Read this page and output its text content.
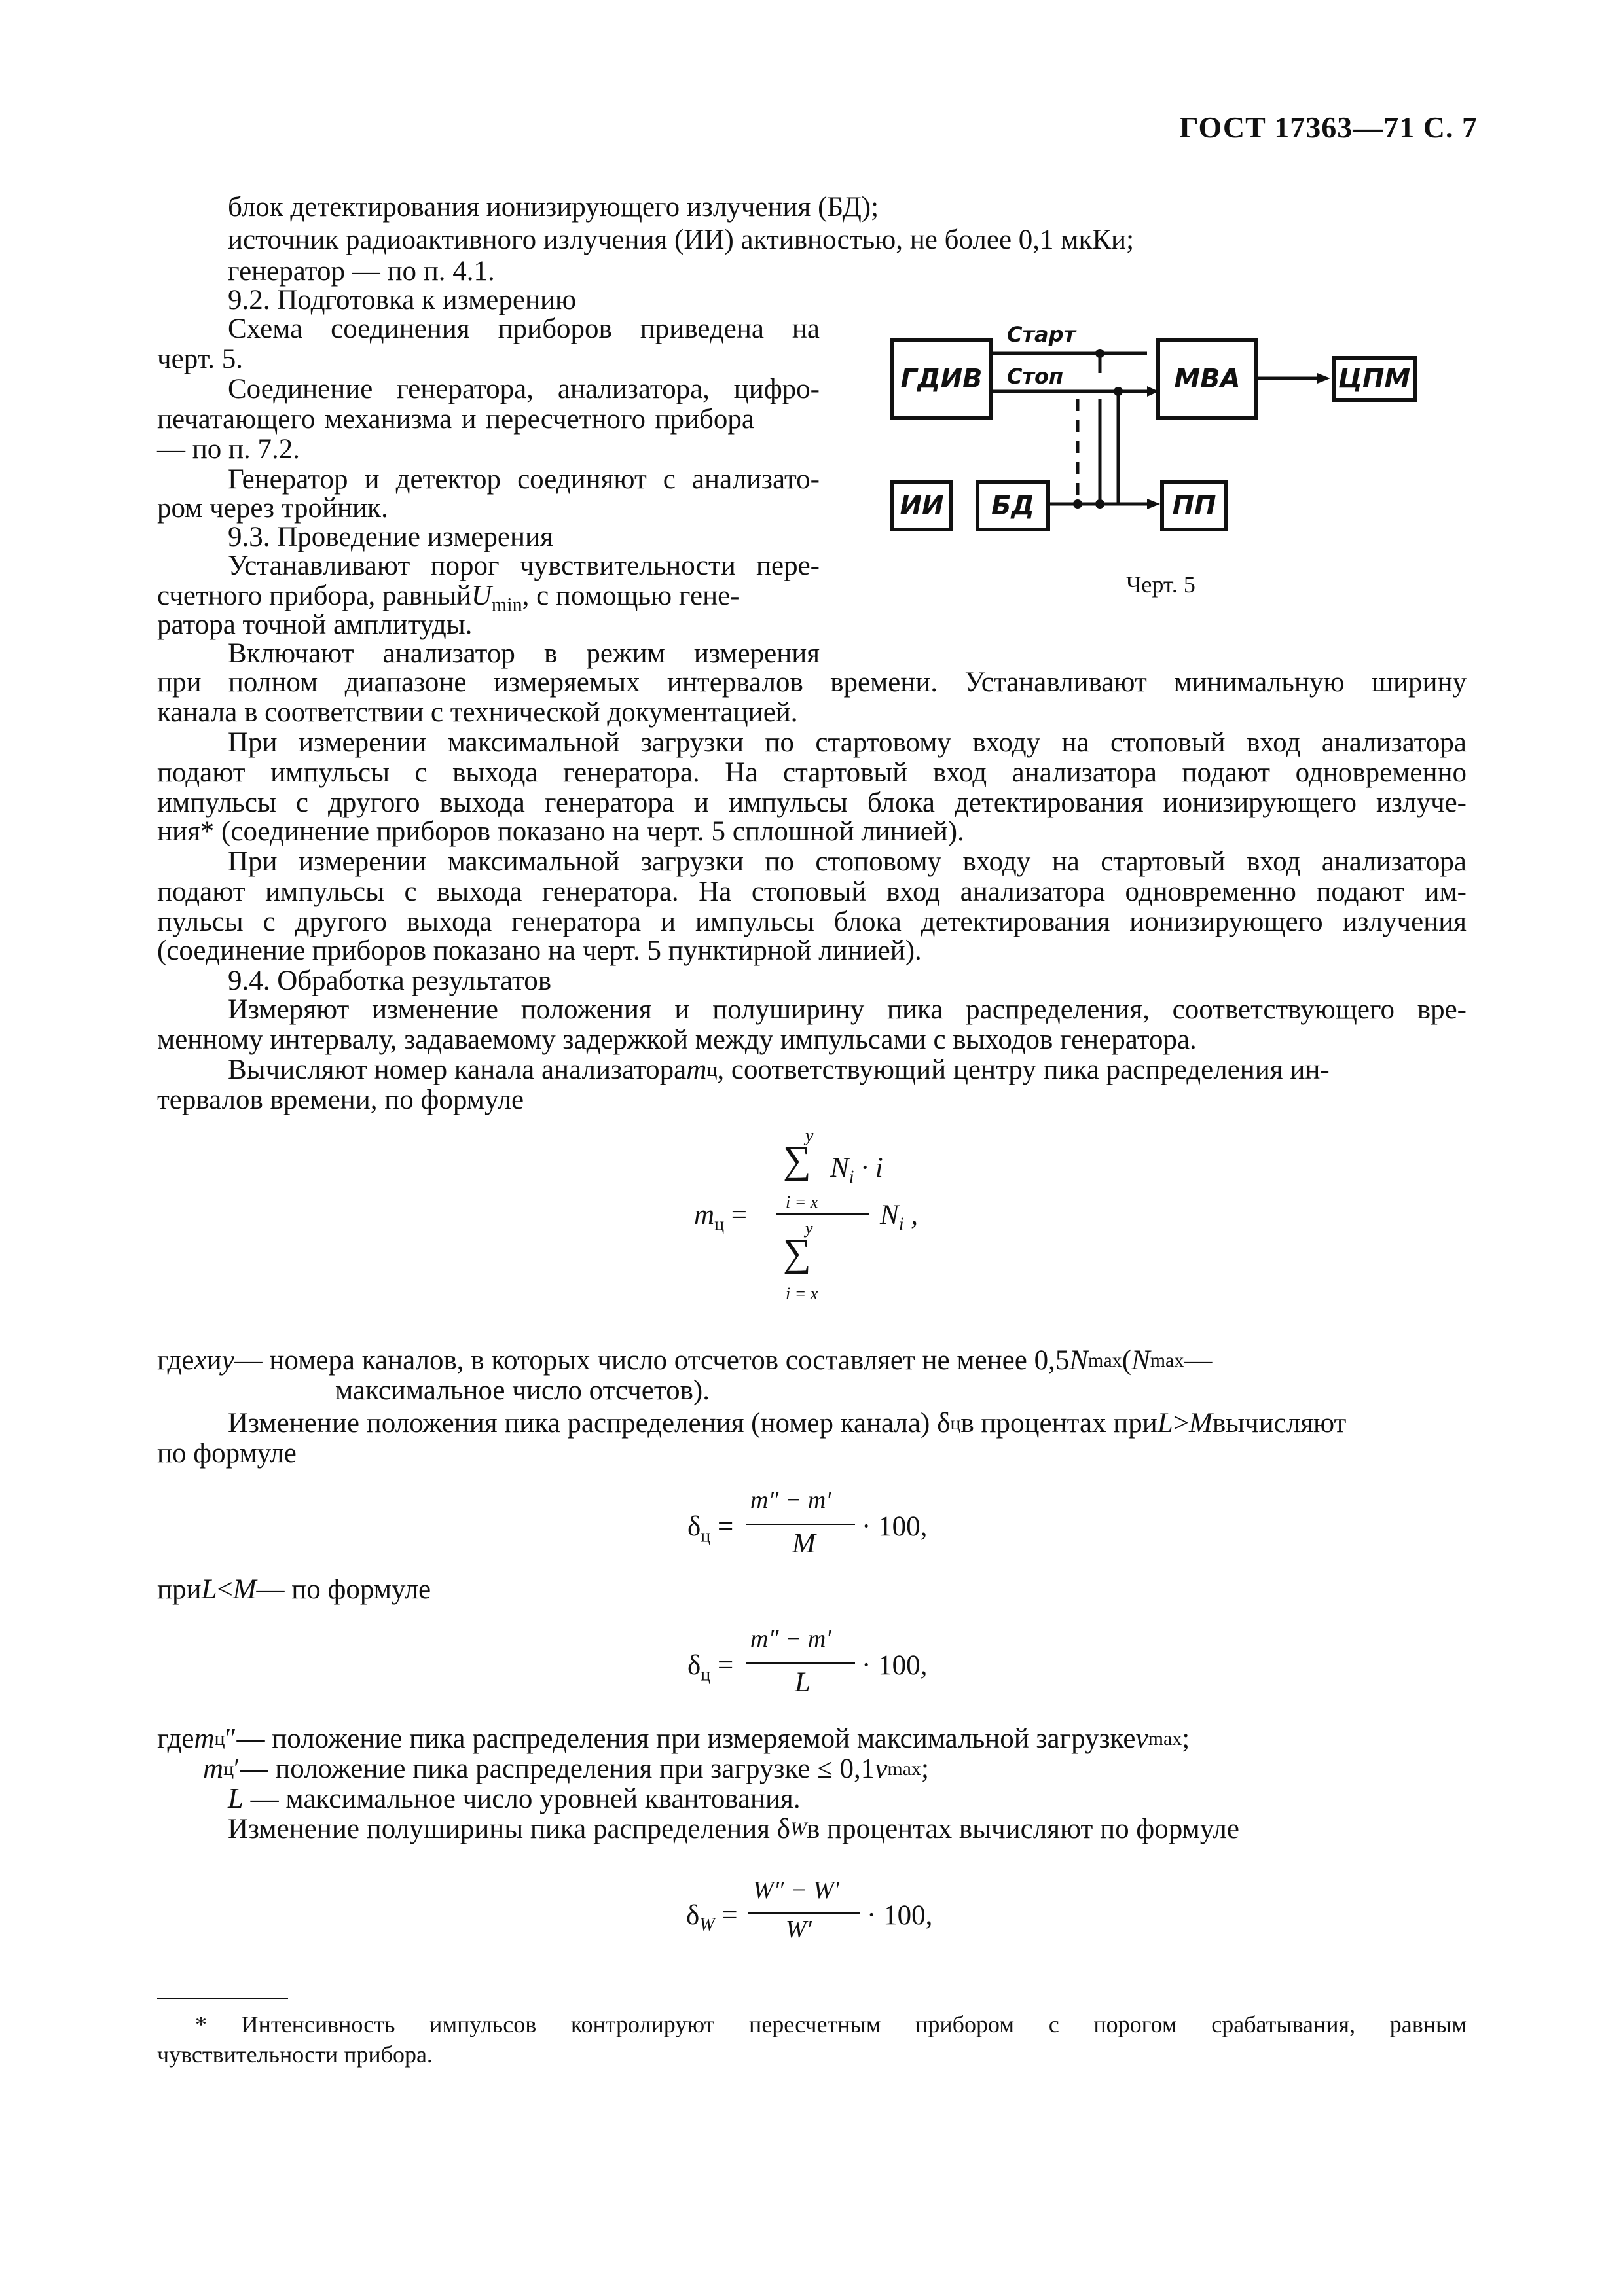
ГОСТ 17363—71 С. 7
блок детектирования ионизирующего излучения (БД);
источник радиоактивного излучения (ИИ) активностью, не более 0,1 мкКи;
генератор — по п. 4.1.
9.2. Подготовка к измерению
Схема соединения приборов приведена на
черт. 5.
Соединение генератора, анализатора, цифро-
печатающего механизма и пересчетного прибора
— по п. 7.2.
Генератор и детектор соединяют с анализато-
ром через тройник.
9.3. Проведение измерения
Устанавливают порог чувствительности пере-
счетного прибора, равный $U_{min}$, с помощью гене-
ратора точной амплитуды.
Включают анализатор в режим измерения
ГДИВ	МВА	ЦПМ
ИИ	БД	ПП
Старт
Стоп
Черт. 5
при полном диапазоне измеряемых интервалов времени. Устанавливают минимальную ширину
канала в соответствии с технической документацией.
При измерении максимальной загрузки по стартовому входу на стоповый вход анализатора
подают импульсы с выхода генератора. На стартовый вход анализатора подают одновременно
импульсы с другого выхода генератора и импульсы блока детектирования ионизирующего излуче-
ния* (соединение приборов показано на черт. 5 сплошной линией).
При измерении максимальной загрузки по стоповому входу на стартовый вход анализатора
подают импульсы с выхода генератора. На стоповый вход анализатора одновременно подают им-
пульсы с другого выхода генератора и импульсы блока детектирования ионизирующего излучения
(соединение приборов показано на черт. 5 пунктирной линией).
9.4. Обработка результатов
Измеряют изменение положения и полуширину пика распределения, соответствующего вре-
менному интервалу, задаваемому задержкой между импульсами с выходов генератора.
Вычисляют номер канала анализатора m ц , соответствующий центру пика распределения ин-
тервалов времени, по формуле
y
∑ $N_i \cdot i$
i = x
$m_ц$ =	y
∑
i = x
$N_i$ ,
где x и y — номера каналов, в которых число отсчетов составляет не менее 0,5 N max ( N max —
максимальное число отсчетов).
Изменение положения пика распределения (номер канала) δ ц в процентах при L > M вычисляют
по формуле
$\delta_ц$ =
m″ − m′
M
· 100,
при L < M — по формуле
$\delta_ц$ =
m″ − m′
L
· 100,
где m ц ″— положение пика распределения при измеряемой максимальной загрузке v max ;
m ц ′— положение пика распределения при загрузке ≤ 0,1 v max ;
L
— максимальное число уровней квантования.
Изменение полуширины пика распределения δ W в процентах вычисляют по формуле
$\delta_W$ =
W″ − W′
W′ · 100,
* Интенсивность импульсов контролируют пересчетным прибором с порогом срабатывания, равным
чувствительности прибора.
